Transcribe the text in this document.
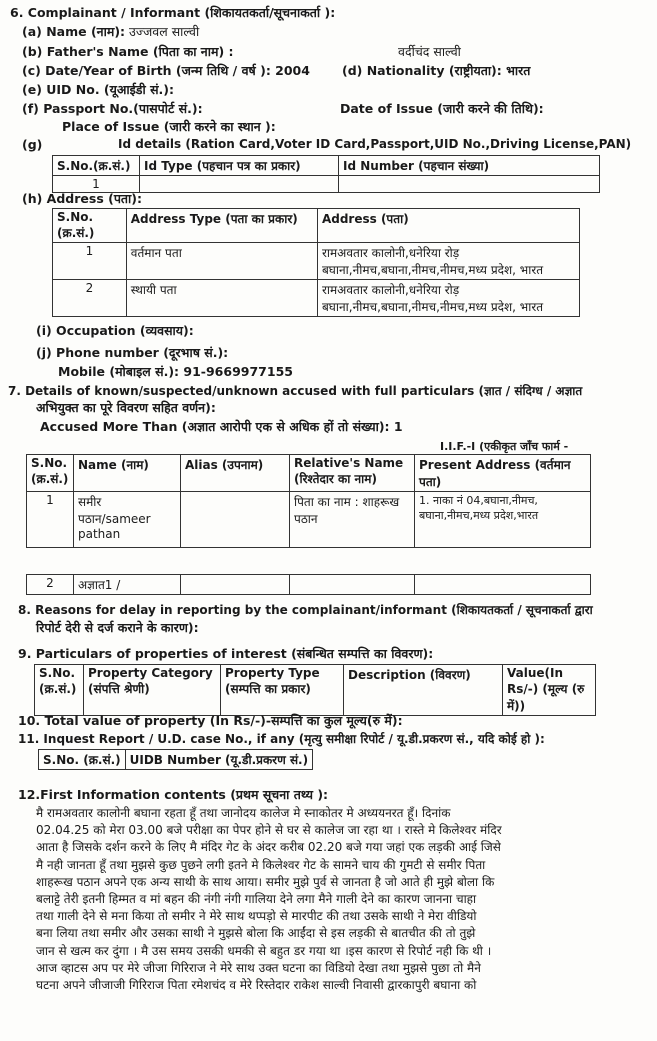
6. Complainant / Informant (शिकायतकर्ता/सूचनाकर्ता ):
(a) Name (नाम): उज्जवल साल्वी
(b) Father's Name (पिता का नाम) :	वर्दीचंद साल्वी
(c) Date/Year of Birth (जन्म तिथि / वर्ष ): 2004	(d) Nationality (राष्ट्रीयता): भारत
(e) UID No. (यूआईडी सं.):
(f) Passport No.(पासपोर्ट सं.):	Date of Issue (जारी करने की तिथि):
Place of Issue (जारी करने का स्थान ):
(g)	Id details (Ration Card,Voter ID Card,Passport,UID No.,Driving License,PAN)
S.No.(क्र.सं.)	Id Type (पहचान पत्र का प्रकार)	Id Number (पहचान संख्या)
1		
(h) Address (पता):
S.No. (क्र.सं.)	Address Type (पता का प्रकार)	Address (पता)
1	वर्तमान पता	रामअवतार कालोनी,धनेरिया रोड़ बघाना,नीमच,बघाना,नीमच,नीमच,मध्य प्रदेश, भारत
2	स्थायी पता	रामअवतार कालोनी,धनेरिया रोड़ बघाना,नीमच,बघाना,नीमच,नीमच,मध्य प्रदेश, भारत
(i) Occupation (व्यवसाय):
(j) Phone number (दूरभाष सं.):
Mobile (मोबाइल सं.): 91-9669977155
7. Details of known/suspected/unknown accused with full particulars (ज्ञात / संदिग्ध / अज्ञात
अभियुक्त का पूरे विवरण सहित वर्णन):
Accused More Than (अज्ञात आरोपी एक से अधिक हों तो संख्या): 1
I.I.F.-I (एकीकृत जाँच फार्म -
S.No. (क्र.सं.)	Name (नाम)	Alias (उपनाम)	Relative's Name (रिश्तेदार का नाम)	Present Address (वर्तमान पता)
1	समीर पठान/sameer pathan		पिता का नाम : शाहरूख पठान	1. नाका नं 04,बघाना,नीमच, बघाना,नीमच,मध्य प्रदेश,भारत
2	अज्ञात1 /			
8. Reasons for delay in reporting by the complainant/informant (शिकायतकर्ता / सूचनाकर्ता द्वारा
रिपोर्ट देरी से दर्ज कराने के कारण):
9. Particulars of properties of interest (संबन्धित सम्पत्ति का विवरण):
S.No. (क्र.सं.)	Property Category (संपत्ति श्रेणी)	Property Type (सम्पत्ति का प्रकार)	Description (विवरण)	Value(In Rs/-) (मूल्य (रु में))
10. Total value of property (In Rs/-)-सम्पत्ति का कुल मूल्य(रु में):
11. Inquest Report / U.D. case No., if any (मृत्यु समीक्षा रिपोर्ट / यू.डी.प्रकरण सं., यदि कोई हो ):
S.No. (क्र.सं.)	UIDB Number (यू.डी.प्रकरण सं.)
12.First Information contents (प्रथम सूचना तथ्य ):

मै रामअवतार कालोनी बघाना रहता हूँ तथा जानोदय कालेज मे स्नाकोतर मे अध्ययनरत हूँ। दिनांक

02.04.25 को मेरा 03.00 बजे परीक्षा का पेपर होने से घर से कालेज जा रहा था । रास्ते मे किलेश्वर मंदिर

आता है जिसके दर्शन करने के लिए मै मंदिर गेट के अंदर करीब 02.20 बजे गया जहां एक लड़की आई जिसे

मै नही जानता हूँ तथा मुझसे कुछ पुछने लगी इतने मे किलेश्वर गेट के सामने चाय की गुमटी से समीर पिता

शाहरूख पठान अपने एक अन्य साथी के साथ आया। समीर मुझे पुर्व से जानता है जो आते ही मुझे बोला कि

बलाट्टे तेरी इतनी हिम्मत व मां बहन की नंगी नंगी गालिया देने लगा मैने गाली देने का कारण जानना चाहा

तथा गाली देने से मना किया तो समीर ने मेरे साथ थप्पड़ो से मारपीट की तथा उसके साथी ने मेरा वीडियो

बना लिया तथा समीर और उसका साथी ने मुझसे बोला कि आईंदा से इस लड़की से बातचीत की तो तुझे

जान से खत्म कर दुंगा । मै उस समय उसकी धमकी से बहुत डर गया था ।इस कारण से रिपोर्ट नही कि थी ।

आज व्हाटस अप पर मेरे जीजा गिरिराज ने मेरे साथ उक्त घटना का विडियो देखा तथा मुझसे पुछा तो मैने

घटना अपने जीजाजी गिरिराज पिता रमेशचंद व मेरे रिस्तेदार राकेश साल्वी निवासी द्वारकापुरी बघाना को
